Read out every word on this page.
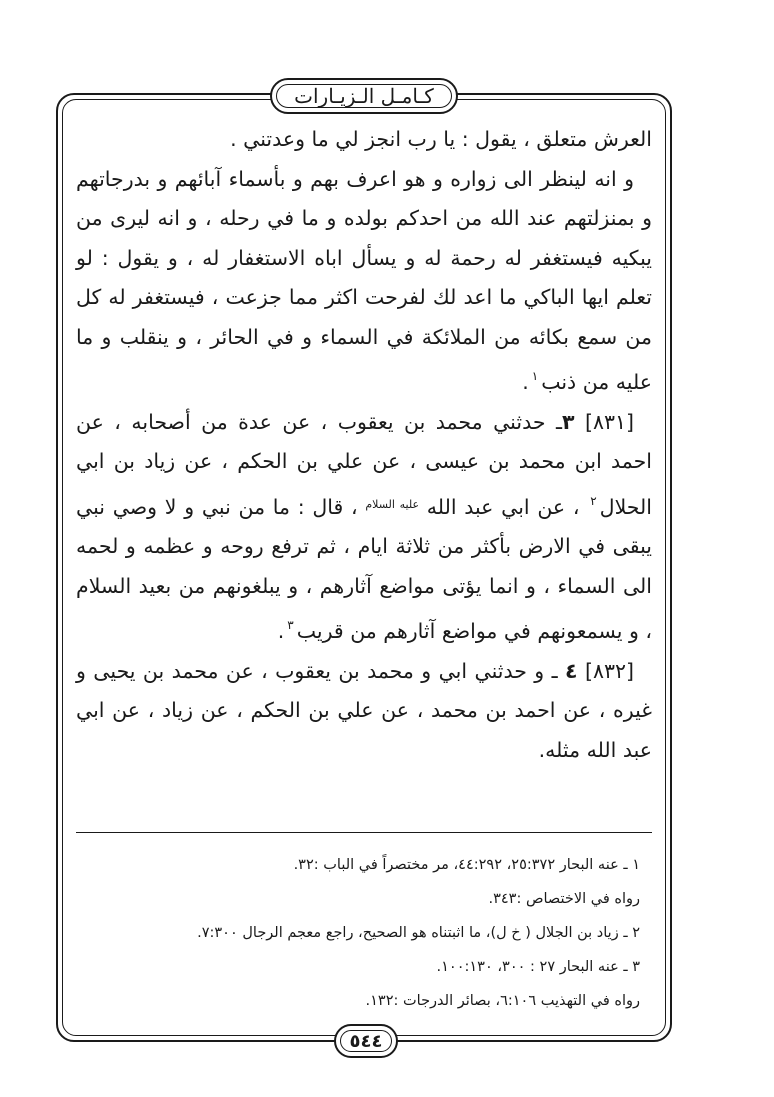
كـامـل الـزيـارات

العرش متعلق ، يقول : يا رب انجز لي ما وعدتني .

و انه لينظر الى زواره و هو اعرف بهم و بأسماء آبائهم و بدرجاتهم و بمنزلتهم عند الله من احدكم بولده و ما في رحله ، و انه ليرى من يبكيه فيستغفر له رحمة له و يسأل اباه الاستغفار له ، و يقول : لو تعلم ايها الباكي ما اعد لك لفرحت اكثر مما جزعت ، فيستغفر له كل من سمع بكائه من الملائكة في السماء و في الحائر ، و ينقلب و ما عليه من ذنب$^١$.

[٨٣١] ٣ـ حدثني محمد بن يعقوب ، عن عدة من أصحابه ، عن احمد ابن محمد بن عيسى ، عن علي بن الحكم ، عن زياد بن ابي الحلال$^٢$ ، عن ابي عبد الله $^{عليه السلام}$ ، قال : ما من نبي و لا وصي نبي يبقى في الارض بأكثر من ثلاثة ايام ، ثم ترفع روحه و عظمه و لحمه الى السماء ، و انما يؤتى مواضع آثارهم ، و يبلغونهم من بعيد السلام ، و يسمعونهم في مواضع آثارهم من قريب$^٣$.

[٨٣٢] ٤ ـ و حدثني ابي و محمد بن يعقوب ، عن محمد بن يحيى و غيره ، عن احمد بن محمد ، عن علي بن الحكم ، عن زياد ، عن ابي عبد الله مثله.

١ ـ عنه البحار ٢٥:٣٧٢، ٤٤:٢٩٢، مر مختصراً في الباب :٣٢.

رواه في الاختصاص :٣٤٣.

٢ ـ زياد بن الجلال ( خ ل)، ما اثبتناه هو الصحيح، راجع معجم الرجال ٧:٣٠٠.

٣ ـ عنه البحار ٢٧ : ٣٠٠، ١٠٠:١٣٠.

رواه في التهذيب ٦:١٠٦، بصائر الدرجات :١٣٢.

٥٤٤
